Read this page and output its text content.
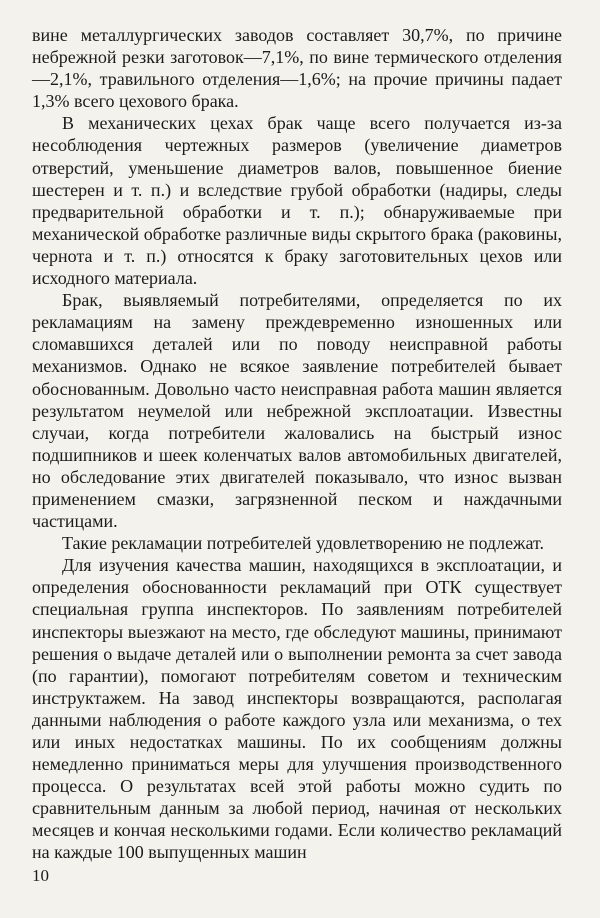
вине металлургических заводов составляет 30,7%, по причине небрежной резки заготовок—7,1%, по вине термического отделения—2,1%, травильного отделения—1,6%; на прочие причины падает 1,3% всего цехового брака.

В механических цехах брак чаще всего получается из-за несоблюдения чертежных размеров (увеличение диаметров отверстий, уменьшение диаметров валов, повышенное биение шестерен и т. п.) и вследствие грубой обработки (надиры, следы предварительной обработки и т. п.); обнаруживаемые при механической обработке различные виды скрытого брака (раковины, чернота и т. п.) относятся к браку заготовительных цехов или исходного материала.

Брак, выявляемый потребителями, определяется по их рекламациям на замену преждевременно изношенных или сломавшихся деталей или по поводу неисправной работы механизмов. Однако не всякое заявление потребителей бывает обоснованным. Довольно часто неисправная работа машин является результатом неумелой или небрежной эксплоатации. Известны случаи, когда потребители жаловались на быстрый износ подшипников и шеек коленчатых валов автомобильных двигателей, но обследование этих двигателей показывало, что износ вызван применением смазки, загрязненной песком и наждачными частицами.

Такие рекламации потребителей удовлетворению не подлежат.

Для изучения качества машин, находящихся в эксплоатации, и определения обоснованности рекламаций при ОТК существует специальная группа инспекторов. По заявлениям потребителей инспекторы выезжают на место, где обследуют машины, принимают решения о выдаче деталей или о выполнении ремонта за счет завода (по гарантии), помогают потребителям советом и техническим инструктажем. На завод инспекторы возвращаются, располагая данными наблюдения о работе каждого узла или механизма, о тех или иных недостатках машины. По их сообщениям должны немедленно приниматься меры для улучшения производственного процесса. О результатах всей этой работы можно судить по сравнительным данным за любой период, начиная от нескольких месяцев и кончая несколькими годами. Если количество рекламаций на каждые 100 выпущенных машин

10
